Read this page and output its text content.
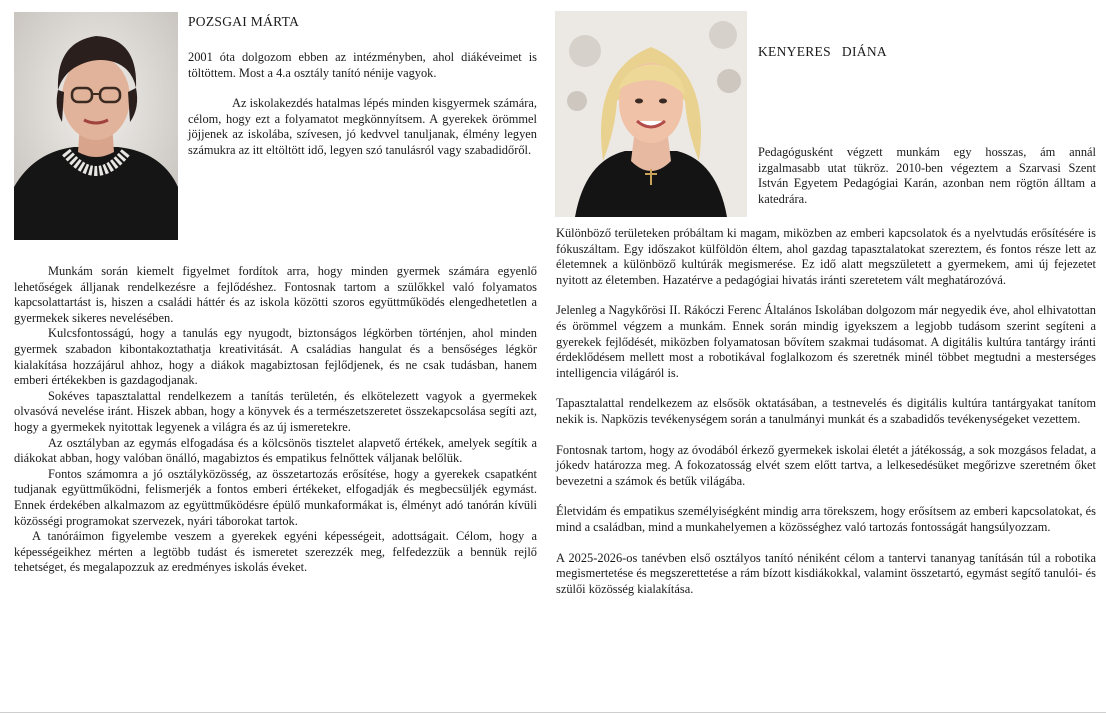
POZSGAI MÁRTA

2001 óta dolgozom ebben az intézményben, ahol diákéveimet is töltöttem. Most a 4.a osztály tanító nénije vagyok.

Az iskolakezdés hatalmas lépés minden kisgyermek számára, célom, hogy ezt a folyamatot megkönnyítsem. A gyerekek örömmel jöjjenek az iskolába, szívesen, jó kedvvel tanuljanak, élmény legyen számukra az itt eltöltött idő, legyen szó tanulásról vagy szabadidőről.

Munkám során kiemelt figyelmet fordítok arra, hogy minden gyermek számára egyenlő lehetőségek álljanak rendelkezésre a fejlődéshez. Fontosnak tartom a szülőkkel való folyamatos kapcsolattartást is, hiszen a családi háttér és az iskola közötti szoros együttműködés elengedhetetlen a gyermekek sikeres nevelésében.

Kulcsfontosságú, hogy a tanulás egy nyugodt, biztonságos légkörben történjen, ahol minden gyermek szabadon kibontakoztathatja kreativitását. A családias hangulat és a bensőséges légkör kialakítása hozzájárul ahhoz, hogy a diákok magabiztosan fejlődjenek, és ne csak tudásban, hanem emberi értékekben is gazdagodjanak.

Sokéves tapasztalattal rendelkezem a tanítás területén, és elkötelezett vagyok a gyermekek olvasóvá nevelése iránt. Hiszek abban, hogy a könyvek és a természetszeretet összekapcsolása segíti azt, hogy a gyermekek nyitottak legyenek a világra és az új ismeretekre.

Az osztályban az egymás elfogadása és a kölcsönös tisztelet alapvető értékek, amelyek segítik a diákokat abban, hogy valóban önálló, magabiztos és empatikus felnőttek váljanak belőlük.

Fontos számomra a jó osztályközösség, az összetartozás erősítése, hogy a gyerekek csapatként tudjanak együttműködni, felismerjék a fontos emberi értékeket, elfogadják és megbecsüljék egymást. Ennek érdekében alkalmazom az együttműködésre épülő munkaformákat is, élményt adó tanórán kívüli közösségi programokat szervezek, nyári táborokat tartok.

A tanóráimon figyelembe veszem a gyerekek egyéni képességeit, adottságait. Célom, hogy a képességeikhez mérten a legtöbb tudást és ismeretet szerezzék meg, felfedezzük a bennük rejlő tehetséget, és megalapozzuk az eredményes iskolás éveket.

KENYERES   DIÁNA

Pedagógusként végzett munkám egy hosszas, ám annál izgalmasabb utat tükröz. 2010-ben végeztem a Szarvasi Szent István Egyetem Pedagógiai Karán, azonban nem rögtön álltam a katedrára.

Különböző területeken próbáltam ki magam, miközben az emberi kapcsolatok és a nyelvtudás erősítésére is fókuszáltam. Egy időszakot külföldön éltem, ahol gazdag tapasztalatokat szereztem, és fontos része lett az életemnek a különböző kultúrák megismerése. Ez idő alatt megszületett a gyermekem, ami új fejezetet nyitott az életemben. Hazatérve a pedagógiai hivatás iránti szeretetem vált meghatározóvá.

Jelenleg a Nagykőrösi II. Rákóczi Ferenc Általános Iskolában dolgozom már negyedik éve, ahol elhivatottan és örömmel végzem a munkám. Ennek során mindig igyekszem a legjobb tudásom szerint segíteni a gyerekek fejlődését, miközben folyamatosan bővítem szakmai tudásomat. A digitális kultúra tantárgy iránti érdeklődésem mellett most a robotikával foglalkozom és szeretnék minél többet megtudni a mesterséges intelligencia világáról is.

Tapasztalattal rendelkezem az elsősök oktatásában, a testnevelés és digitális kultúra tantárgyakat tanítom nekik is. Napközis tevékenységem során a tanulmányi munkát és a szabadidős tevékenységeket vezettem.

Fontosnak tartom, hogy az óvodából érkező gyermekek iskolai életét a játékosság, a sok mozgásos feladat, a jókedv határozza meg. A fokozatosság elvét szem előtt tartva, a lelkesedésüket megőrizve szeretném őket bevezetni a számok és betűk világába.

Életvidám és empatikus személyiségként mindig arra törekszem, hogy erősítsem az emberi kapcsolatokat, és mind a családban, mind a munkahelyemen a közösséghez való tartozás fontosságát hangsúlyozzam.

A 2025-2026-os tanévben első osztályos tanító néniként célom a tantervi tananyag tanításán túl a robotika megismertetése és megszerettetése a rám bízott kisdiákokkal, valamint összetartó, egymást segítő tanulói- és szülői közösség kialakítása.
